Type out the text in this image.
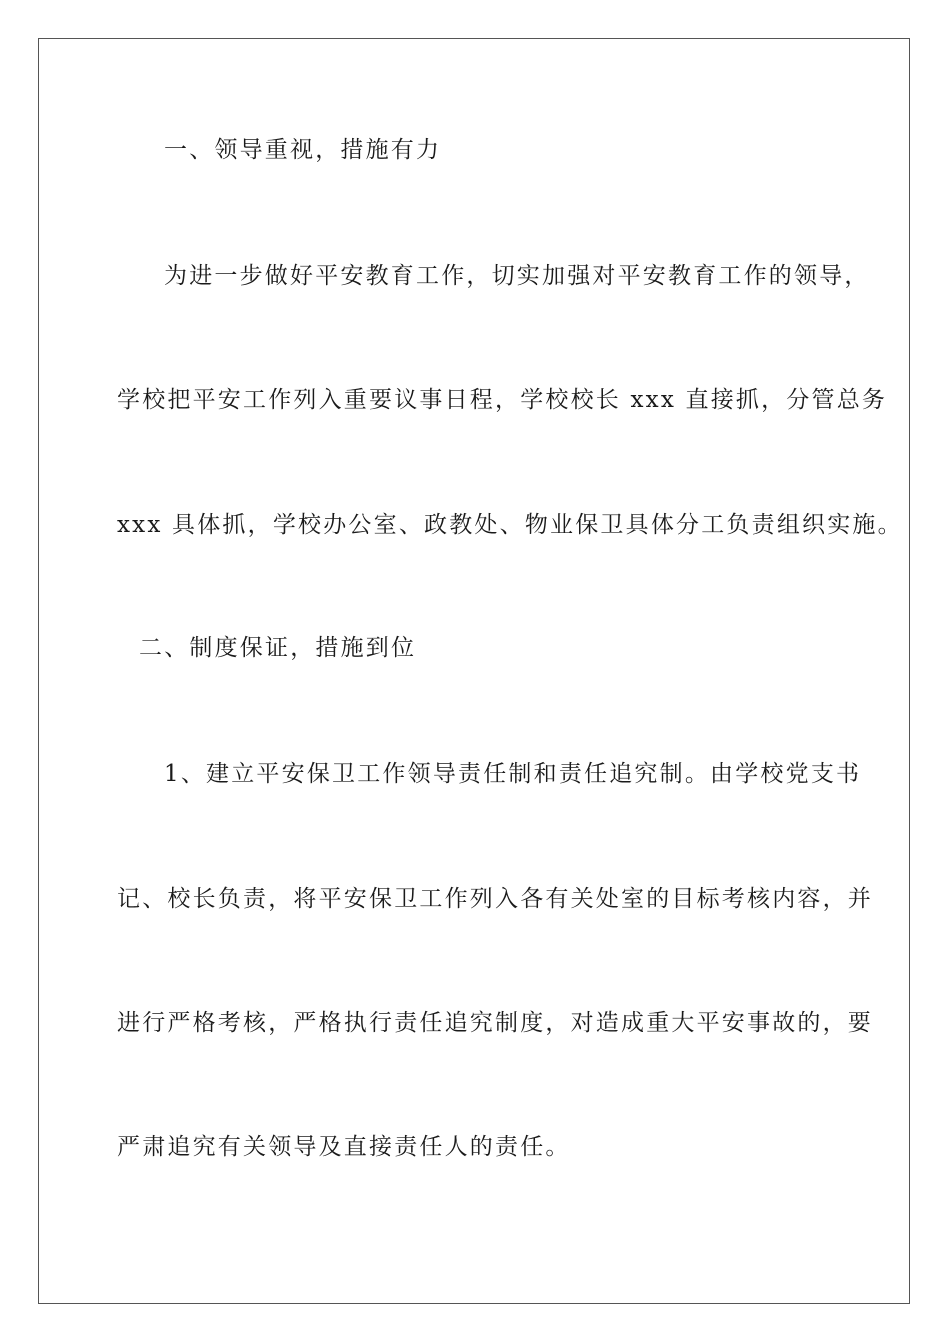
一、领导重视，措施有力
为进一步做好平安教育工作，切实加强对平安教育工作的领导，
学校把平安工作列入重要议事日程，学校校长 xxx 直接抓，分管总务
xxx 具体抓，学校办公室、政教处、物业保卫具体分工负责组织实施。
二、制度保证，措施到位
1、建立平安保卫工作领导责任制和责任追究制。由学校党支书
记、校长负责，将平安保卫工作列入各有关处室的目标考核内容，并
进行严格考核，严格执行责任追究制度，对造成重大平安事故的，要
严肃追究有关领导及直接责任人的责任。
